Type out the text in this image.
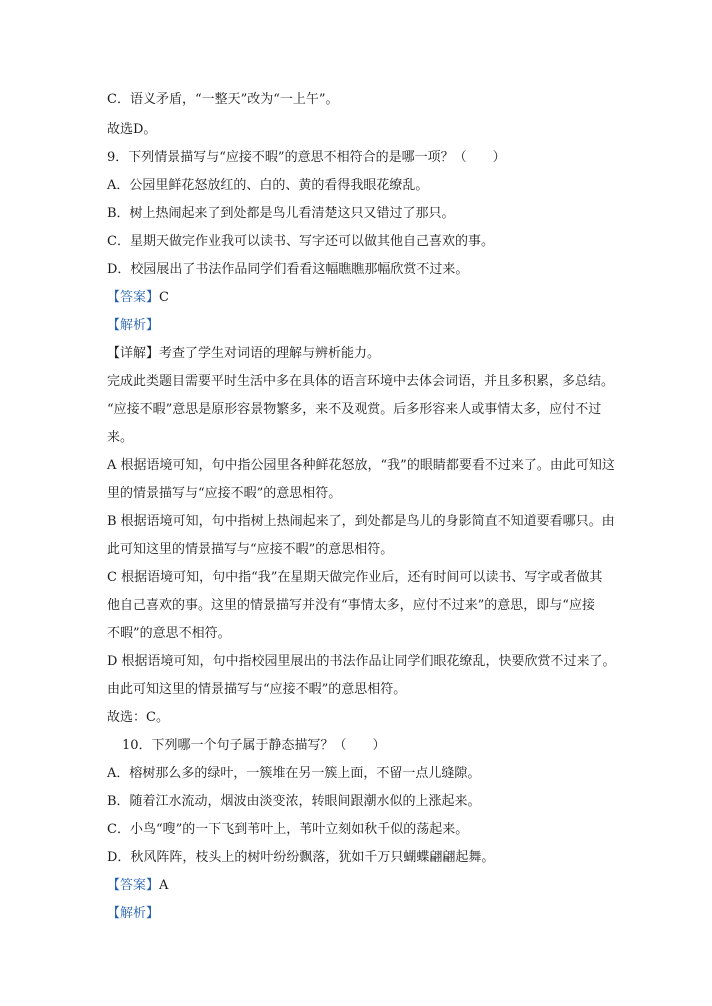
C．语义矛盾，“一整天”改为“一上午”。

故选D。

9．下列情景描写与“应接不暇”的意思不相符合的是哪一项？（　　）

A．公园里鲜花怒放红的、白的、黄的看得我眼花缭乱。

B．树上热闹起来了到处都是鸟儿看清楚这只又错过了那只。

C．星期天做完作业我可以读书、写字还可以做其他自己喜欢的事。

D．校园展出了书法作品同学们看看这幅瞧瞧那幅欣赏不过来。

【答案】C

【解析】

【详解】考查了学生对词语的理解与辨析能力。

完成此类题目需要平时生活中多在具体的语言环境中去体会词语，并且多积累，多总结。

“应接不暇”意思是原形容景物繁多，来不及观赏。后多形容来人或事情太多，应付不过

来。

A 根据语境可知，句中指公园里各种鲜花怒放，“我”的眼睛都要看不过来了。由此可知这

里的情景描写与“应接不暇”的意思相符。

B 根据语境可知，句中指树上热闹起来了，到处都是鸟儿的身影简直不知道要看哪只。由

此可知这里的情景描写与“应接不暇”的意思相符。

C 根据语境可知，句中指“我”在星期天做完作业后，还有时间可以读书、写字或者做其

他自己喜欢的事。这里的情景描写并没有“事情太多，应付不过来”的意思，即与“应接

不暇”的意思不相符。

D 根据语境可知，句中指校园里展出的书法作品让同学们眼花缭乱，快要欣赏不过来了。

由此可知这里的情景描写与“应接不暇”的意思相符。

故选：C。

10．下列哪一个句子属于静态描写？（　　）

A．榕树那么多的绿叶，一簇堆在另一簇上面，不留一点儿缝隙。

B．随着江水流动，烟波由淡变浓，转眼间跟潮水似的上涨起来。

C．小鸟“嗖”的一下飞到苇叶上，苇叶立刻如秋千似的荡起来。

D．秋风阵阵，枝头上的树叶纷纷飘落，犹如千万只蝴蝶翩翩起舞。

【答案】A

【解析】
